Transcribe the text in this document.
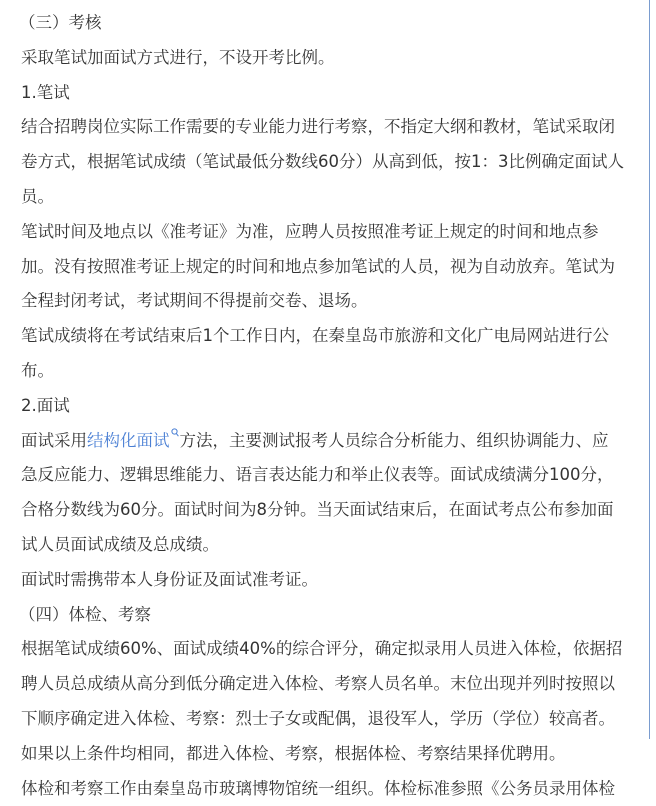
（三）考核
采取笔试加面试方式进行，不设开考比例。
1.笔试
结合招聘岗位实际工作需要的专业能力进行考察，不指定大纲和教材，笔试采取闭
卷方式，根据笔试成绩（笔试最低分数线60分）从高到低，按1：3比例确定面试人
员。
笔试时间及地点以《准考证》为准，应聘人员按照准考证上规定的时间和地点参
加。没有按照准考证上规定的时间和地点参加笔试的人员，视为自动放弃。笔试为
全程封闭考试，考试期间不得提前交卷、退场。
笔试成绩将在考试结束后1个工作日内，在秦皇岛市旅游和文化广电局网站进行公
布。
2.面试
面试采用结构化面试 方法，主要测试报考人员综合分析能力、组织协调能力、应
急反应能力、逻辑思维能力、语言表达能力和举止仪表等。面试成绩满分100分，
合格分数线为60分。面试时间为8分钟。当天面试结束后，在面试考点公布参加面
试人员面试成绩及总成绩。
面试时需携带本人身份证及面试准考证。
（四）体检、考察
根据笔试成绩60%、面试成绩40%的综合评分，确定拟录用人员进入体检，依据招
聘人员总成绩从高分到低分确定进入体检、考察人员名单。末位出现并列时按照以
下顺序确定进入体检、考察：烈士子女或配偶，退役军人，学历（学位）较高者。
如果以上条件均相同，都进入体检、考察，根据体检、考察结果择优聘用。
体检和考察工作由秦皇岛市玻璃博物馆统一组织。体检标准参照《公务员录用体检
